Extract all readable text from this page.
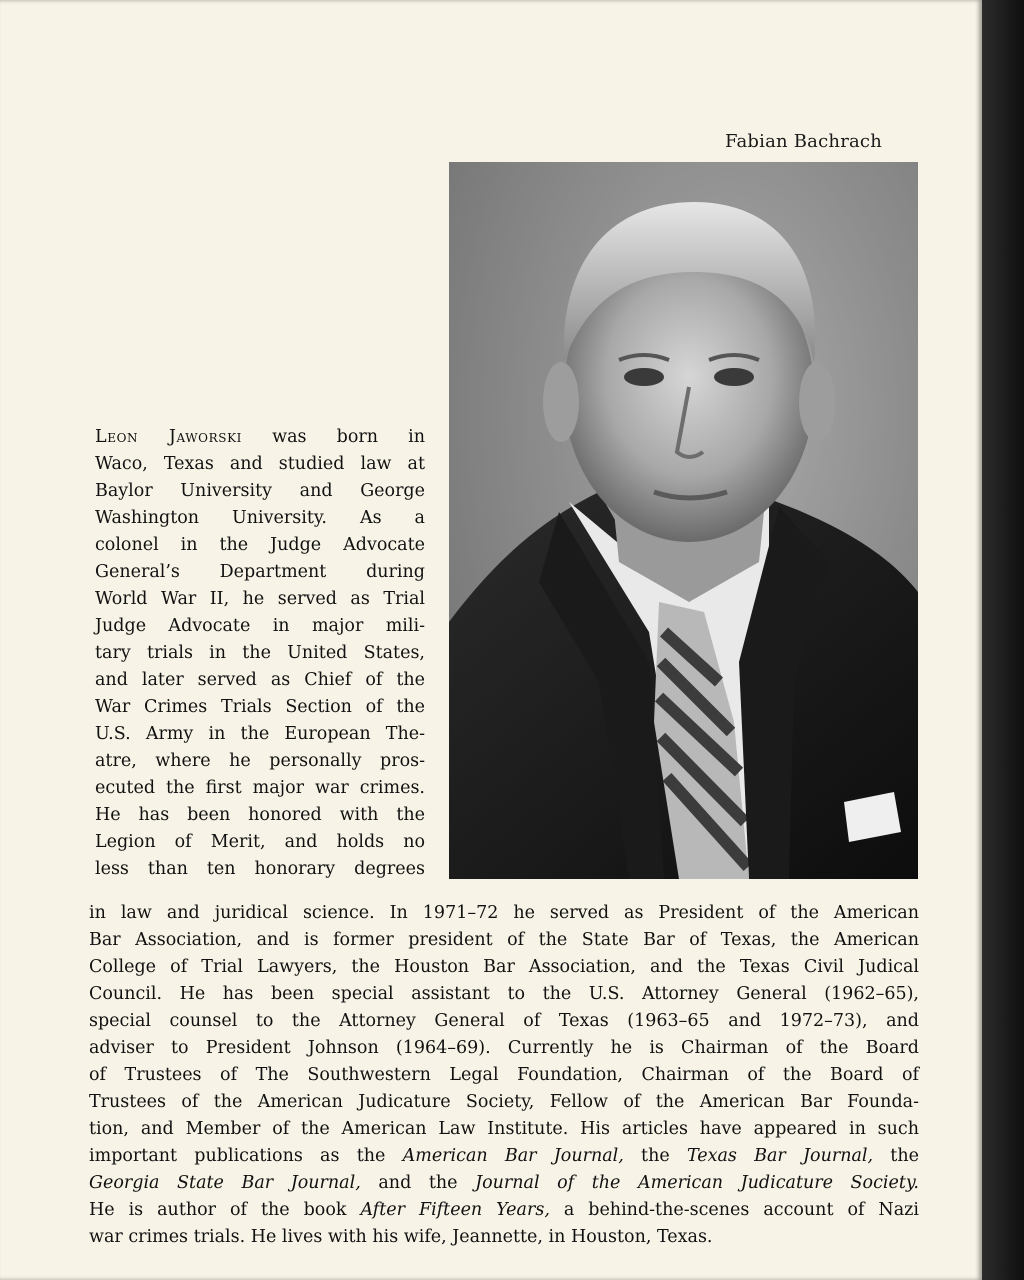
Fabian Bachrach
Leon Jaworski was born in
Waco, Texas and studied law at
Baylor University and George
Washington University. As a
colonel in the Judge Advocate
General’s Department during
World War II, he served as Trial
Judge Advocate in major mili-
tary trials in the United States,
and later served as Chief of the
War Crimes Trials Section of the
U.S. Army in the European The-
atre, where he personally pros-
ecuted the first major war crimes.
He has been honored with the
Legion of Merit, and holds no
less than ten honorary degrees
in law and juridical science. In 1971–72 he served as President of the American
Bar Association, and is former president of the State Bar of Texas, the American
College of Trial Lawyers, the Houston Bar Association, and the Texas Civil Judical
Council. He has been special assistant to the U.S. Attorney General (1962–65),
special counsel to the Attorney General of Texas (1963–65 and 1972–73), and
adviser to President Johnson (1964–69). Currently he is Chairman of the Board
of Trustees of The Southwestern Legal Foundation, Chairman of the Board of
Trustees of the American Judicature Society, Fellow of the American Bar Founda-
tion, and Member of the American Law Institute. His articles have appeared in such
important publications as the American Bar Journal, the Texas Bar Journal, the
Georgia State Bar Journal, and the Journal of the American Judicature Society.
He is author of the book After Fifteen Years, a behind-the-scenes account of Nazi
war crimes trials. He lives with his wife, Jeannette, in Houston, Texas.
